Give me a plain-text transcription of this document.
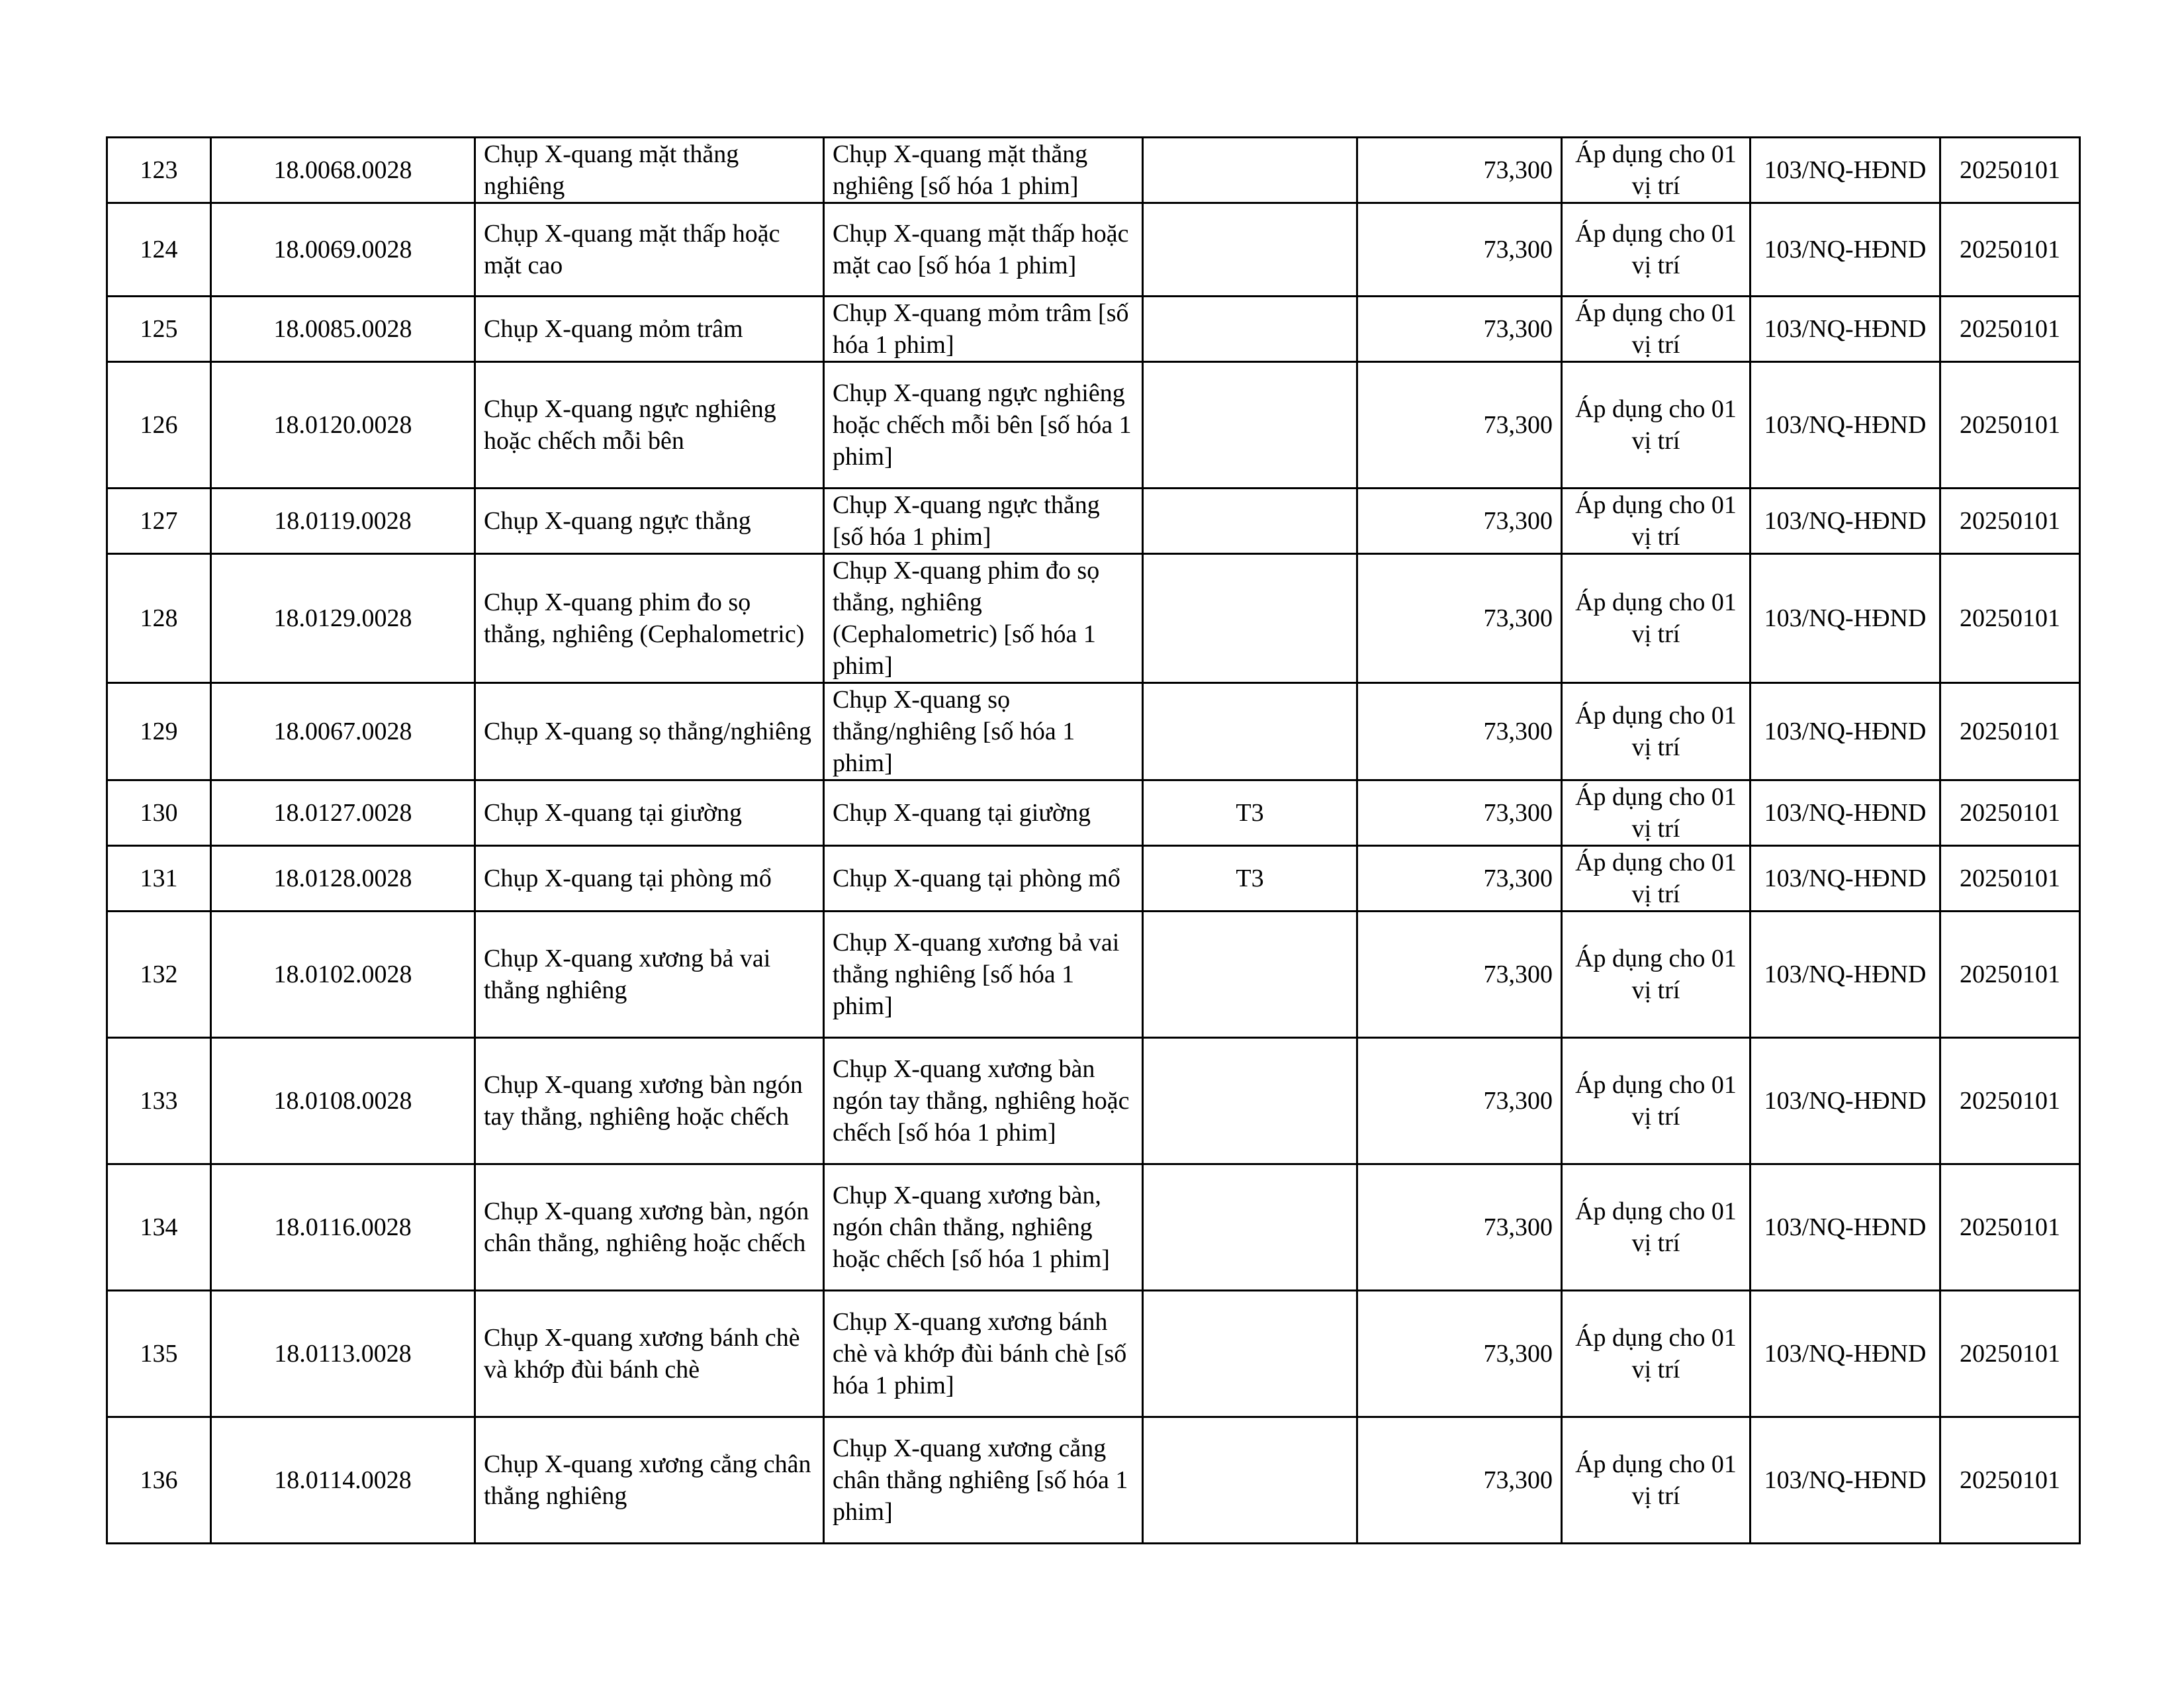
123	18.0068.0028	Chụp X-quang mặt thẳng nghiêng	Chụp X-quang mặt thẳng nghiêng [số hóa 1 phim]		73,300	Áp dụng cho 01 vị trí	103/NQ-HĐND	20250101
124	18.0069.0028	Chụp X-quang mặt thấp hoặc mặt cao	Chụp X-quang mặt thấp hoặc mặt cao [số hóa 1 phim]		73,300	Áp dụng cho 01 vị trí	103/NQ-HĐND	20250101
125	18.0085.0028	Chụp X-quang mỏm trâm	Chụp X-quang mỏm trâm [số hóa 1 phim]		73,300	Áp dụng cho 01 vị trí	103/NQ-HĐND	20250101
126	18.0120.0028	Chụp X-quang ngực nghiêng hoặc chếch mỗi bên	Chụp X-quang ngực nghiêng hoặc chếch mỗi bên [số hóa 1 phim]		73,300	Áp dụng cho 01 vị trí	103/NQ-HĐND	20250101
127	18.0119.0028	Chụp X-quang ngực thẳng	Chụp X-quang ngực thẳng [số hóa 1 phim]		73,300	Áp dụng cho 01 vị trí	103/NQ-HĐND	20250101
128	18.0129.0028	Chụp X-quang phim đo sọ thẳng, nghiêng (Cephalometric)	Chụp X-quang phim đo sọ thẳng, nghiêng (Cephalometric) [số hóa 1 phim]		73,300	Áp dụng cho 01 vị trí	103/NQ-HĐND	20250101
129	18.0067.0028	Chụp X-quang sọ thẳng/nghiêng	Chụp X-quang sọ thẳng/nghiêng [số hóa 1 phim]		73,300	Áp dụng cho 01 vị trí	103/NQ-HĐND	20250101
130	18.0127.0028	Chụp X-quang tại giường	Chụp X-quang tại giường	T3	73,300	Áp dụng cho 01 vị trí	103/NQ-HĐND	20250101
131	18.0128.0028	Chụp X-quang tại phòng mổ	Chụp X-quang tại phòng mổ	T3	73,300	Áp dụng cho 01 vị trí	103/NQ-HĐND	20250101
132	18.0102.0028	Chụp X-quang xương bả vai thẳng nghiêng	Chụp X-quang xương bả vai thẳng nghiêng [số hóa 1 phim]		73,300	Áp dụng cho 01 vị trí	103/NQ-HĐND	20250101
133	18.0108.0028	Chụp X-quang xương bàn ngón tay thẳng, nghiêng hoặc chếch	Chụp X-quang xương bàn ngón tay thẳng, nghiêng hoặc chếch [số hóa 1 phim]		73,300	Áp dụng cho 01 vị trí	103/NQ-HĐND	20250101
134	18.0116.0028	Chụp X-quang xương bàn, ngón chân thẳng, nghiêng hoặc chếch	Chụp X-quang xương bàn, ngón chân thẳng, nghiêng hoặc chếch [số hóa 1 phim]		73,300	Áp dụng cho 01 vị trí	103/NQ-HĐND	20250101
135	18.0113.0028	Chụp X-quang xương bánh chè và khớp đùi bánh chè	Chụp X-quang xương bánh chè và khớp đùi bánh chè [số hóa 1 phim]		73,300	Áp dụng cho 01 vị trí	103/NQ-HĐND	20250101
136	18.0114.0028	Chụp X-quang xương cẳng chân thẳng nghiêng	Chụp X-quang xương cẳng chân thẳng nghiêng [số hóa 1 phim]		73,300	Áp dụng cho 01 vị trí	103/NQ-HĐND	20250101
